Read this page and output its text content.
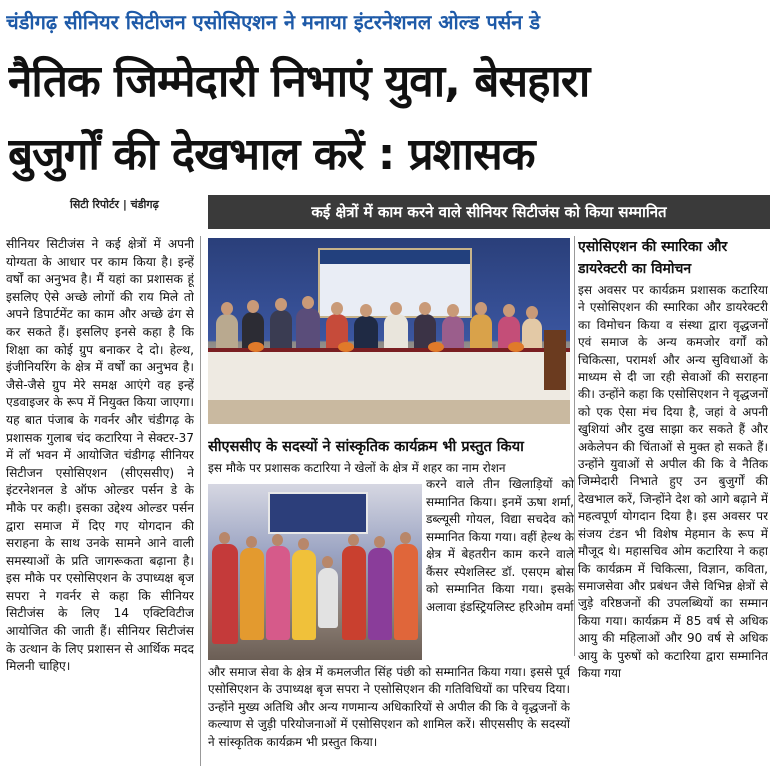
चंडीगढ़ सीनियर सिटीजन एसोसिएशन ने मनाया इंटरनेशनल ओल्ड पर्सन डे
नैतिक जिम्मेदारी निभाएं युवा, बेसहारा
बुजुर्गों की देखभाल करें : प्रशासक
सिटी रिपोर्टर | चंडीगढ़	कई क्षेत्रों में काम करने वाले सीनियर सिटीजंस को किया सम्मानित
सीनियर सिटीजंस ने कई क्षेत्रों में अपनी योग्यता के आधार पर काम किया है। इन्हें वर्षों का अनुभव है। मैं यहां का प्रशासक हूं इसलिए ऐसे अच्छे लोगों की राय मिले तो अपने डिपार्टमेंट का काम और अच्छे ढंग से कर सकते हैं। इसलिए इनसे कहा है कि शिक्षा का कोई ग्रुप बनाकर दे दो। हेल्थ, इंजीनियरिंग के क्षेत्र में वर्षों का अनुभव है। जैसे-जैसे ग्रुप मेरे समक्ष आएंगे वह इन्हें एडवाइजर के रूप में नियुक्त किया जाएगा। यह बात पंजाब के गवर्नर और चंडीगढ़ के प्रशासक गुलाब चंद कटारिया ने सेक्टर-37 में लॉ भवन में आयोजित चंडीगढ़ सीनियर सिटीजन एसोसिएशन (सीएससीए) ने इंटरनेशनल डे ऑफ ओल्डर पर्सन डे के मौके पर कही। इसका उद्देश्य ओल्डर पर्सन द्वारा समाज में दिए गए योगदान की सराहना के साथ उनके सामने आने वाली समस्याओं के प्रति जागरूकता बढ़ाना है। इस मौके पर एसोसिएशन के उपाध्यक्ष बृज सपरा ने गवर्नर से कहा कि सीनियर सिटीजंस के लिए 14 एक्टिविटीज आयोजित की जाती हैं। सीनियर सिटीजंस के उत्थान के लिए प्रशासन से आर्थिक मदद मिलनी चाहिए।
सीएससीए के सदस्यों ने सांस्कृतिक कार्यक्रम भी प्रस्तुत किया
इस मौके पर प्रशासक कटारिया ने खेलों के क्षेत्र में शहर का नाम रोशन
करने वाले तीन खिलाड़ियों को सम्मानित किया। इनमें ऊषा शर्मा, डब्ल्यूसी गोयल, विद्या सचदेव को सम्मानित किया गया। वहीं हेल्थ के क्षेत्र में बेहतरीन काम करने वाले कैंसर स्पेशलिस्ट डॉ. एसएम बोस को सम्मानित किया गया। इसके अलावा इंडस्ट्रियलिस्ट हरिओम वर्मा
और समाज सेवा के क्षेत्र में कमलजीत सिंह पंछी को सम्मानित किया गया। इससे पूर्व एसोसिएशन के उपाध्यक्ष बृज सपरा ने एसोसिएशन की गतिविधियों का परिचय दिया। उन्होंने मुख्य अतिथि और अन्य गणमान्य अधिकारियों से अपील की कि वे वृद्धजनों के कल्याण से जुड़ी परियोजनाओं में एसोसिएशन को शामिल करें। सीएससीए के सदस्यों ने सांस्कृतिक कार्यक्रम भी प्रस्तुत किया।
एसोसिएशन की स्मारिका और डायरेक्टरी का विमोचन
इस अवसर पर कार्यक्रम प्रशासक कटारिया ने एसोसिएशन की स्मारिका और डायरेक्टरी का विमोचन किया व संस्था द्वारा वृद्धजनों एवं समाज के अन्य कमजोर वर्गों को चिकित्सा, परामर्श और अन्य सुविधाओं के माध्यम से दी जा रही सेवाओं की सराहना की। उन्होंने कहा कि एसोसिएशन ने वृद्धजनों को एक ऐसा मंच दिया है, जहां वे अपनी खुशियां और दुख साझा कर सकते हैं और अकेलेपन की चिंताओं से मुक्त हो सकते हैं। उन्होंने युवाओं से अपील की कि वे नैतिक जिम्मेदारी निभाते हुए उन बुजुर्गों की देखभाल करें, जिन्होंने देश को आगे बढ़ाने में महत्वपूर्ण योगदान दिया है। इस अवसर पर संजय टंडन भी विशेष मेहमान के रूप में मौजूद थे। महासचिव ओम कटारिया ने कहा कि कार्यक्रम में चिकित्सा, विज्ञान, कविता, समाजसेवा और प्रबंधन जैसे विभिन्न क्षेत्रों से जुड़े वरिष्ठजनों की उपलब्धियों का सम्मान किया गया। कार्यक्रम में 85 वर्ष से अधिक आयु की महिलाओं और 90 वर्ष से अधिक आयु के पुरुषों को कटारिया द्वारा सम्मानित किया गया
